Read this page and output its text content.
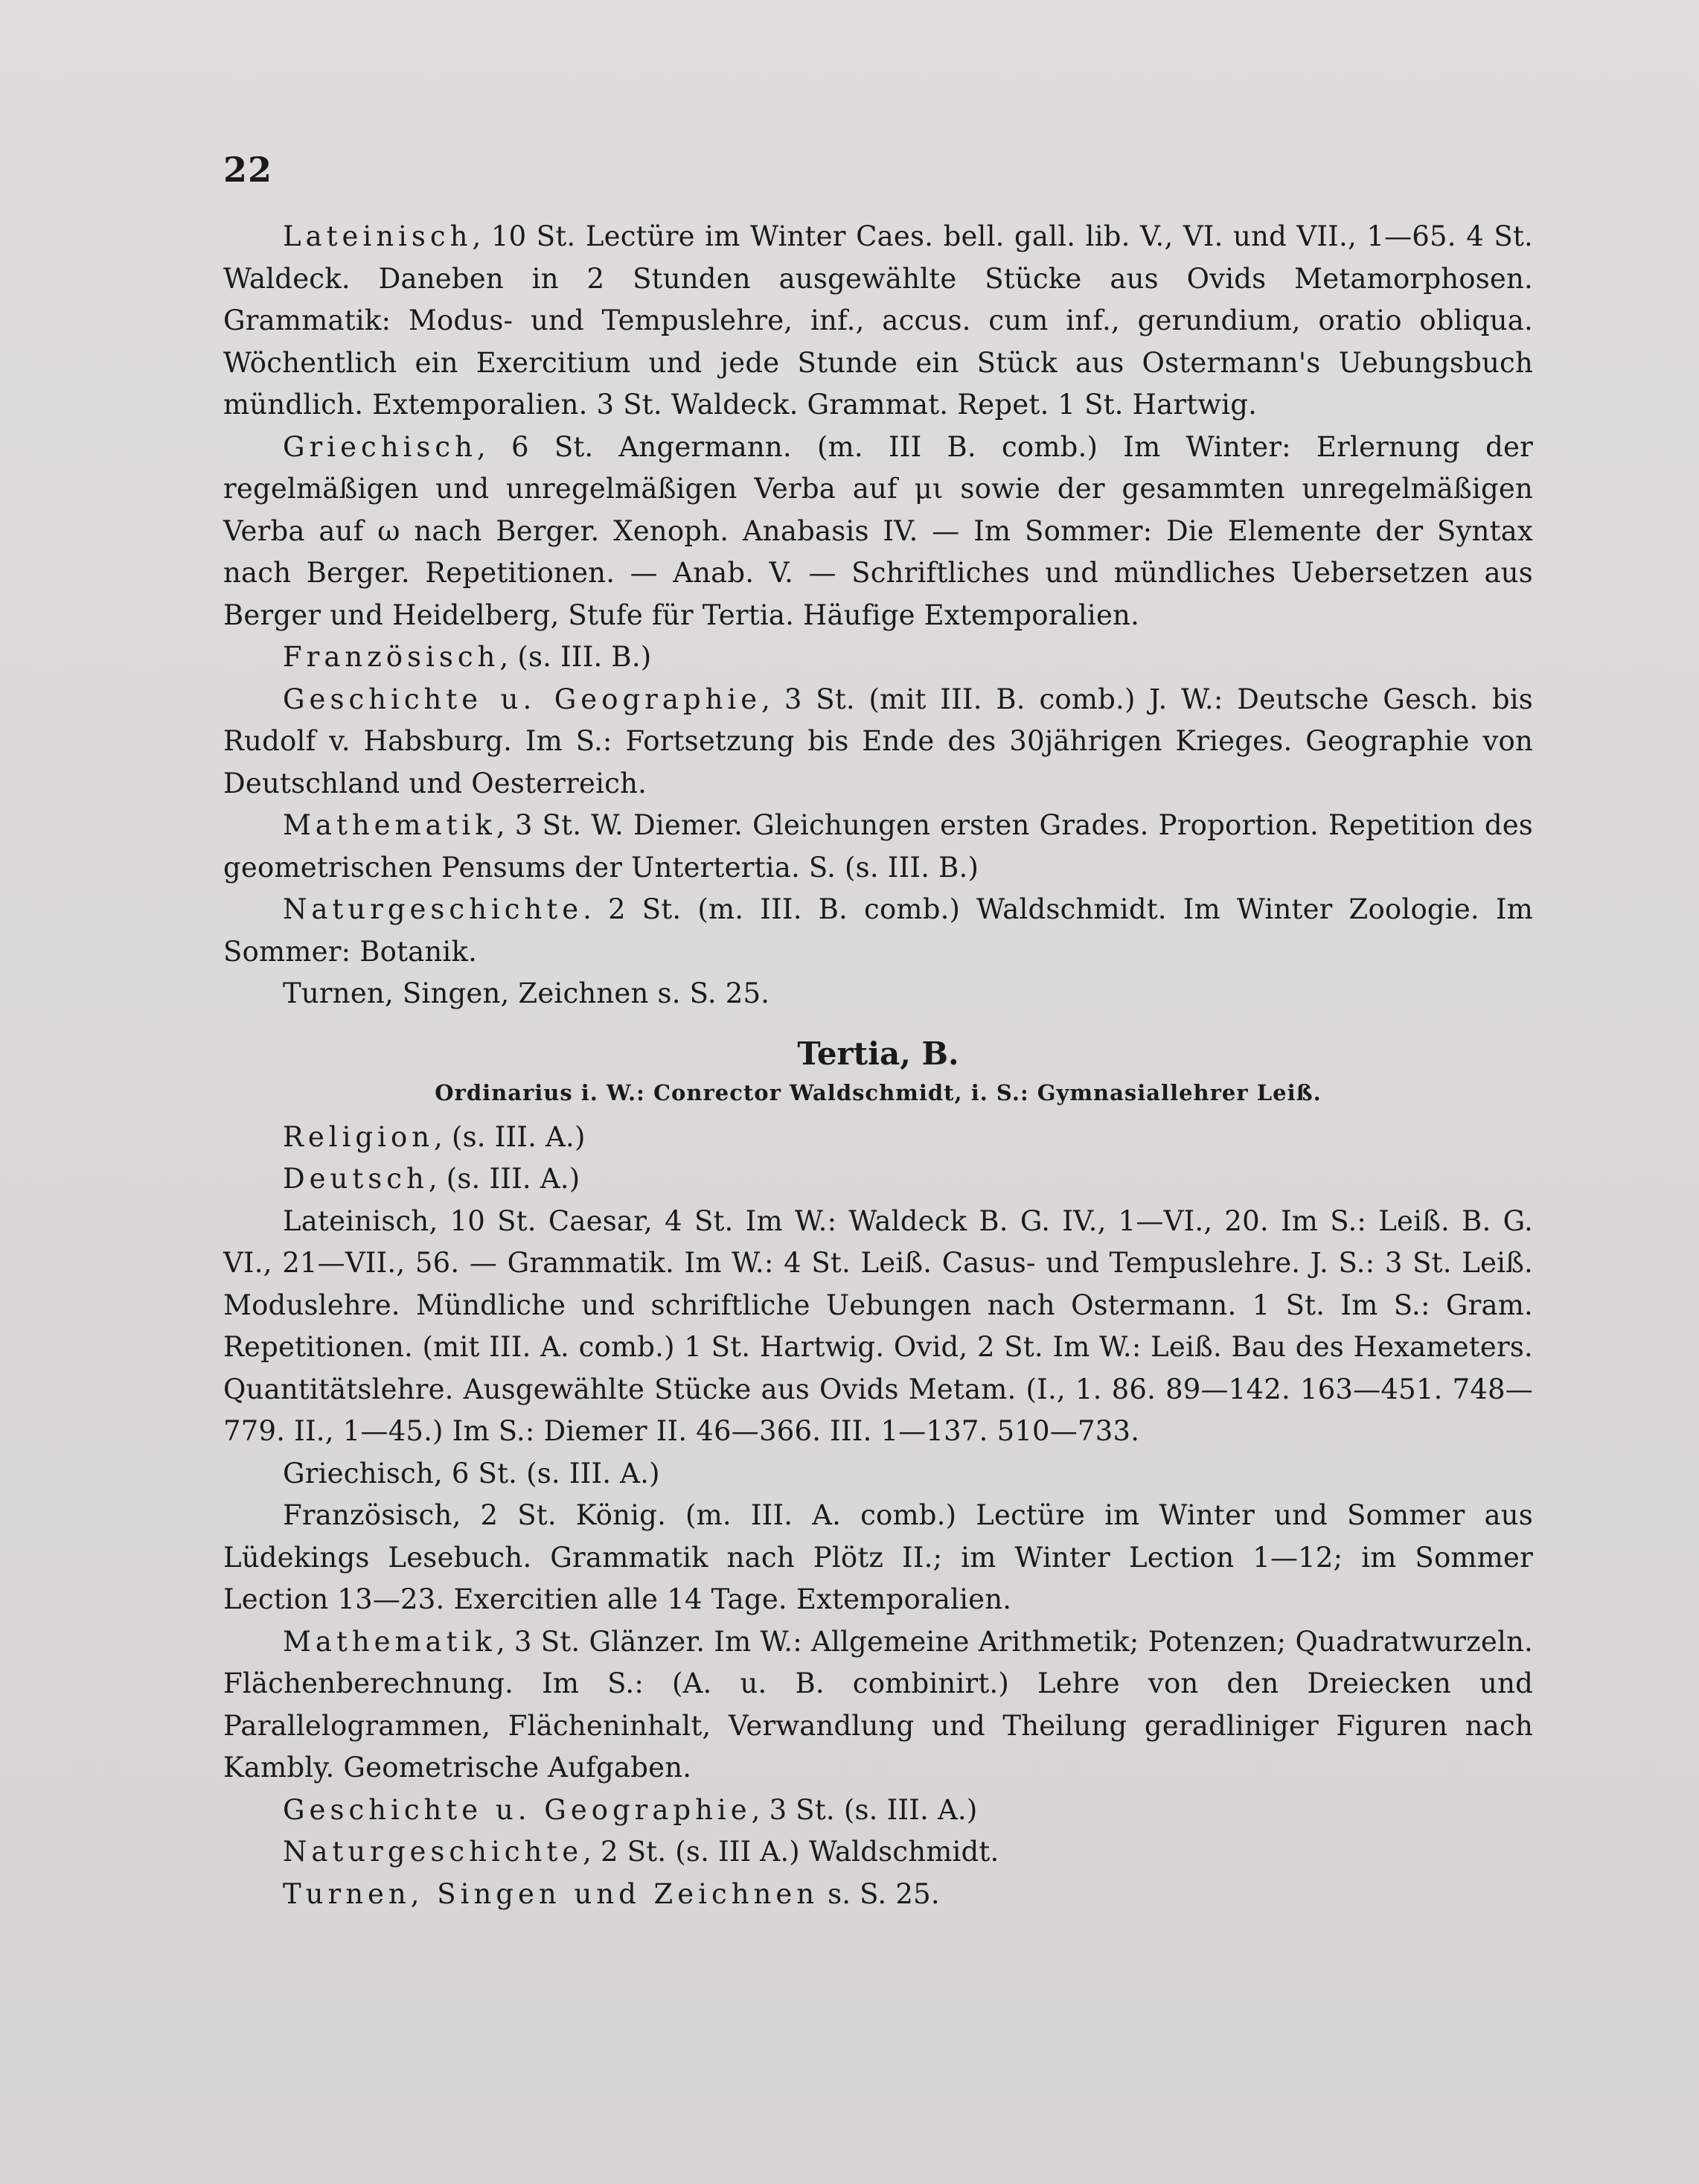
22

Lateinisch, 10 St. Lectüre im Winter Caes. bell. gall. lib. V., VI. und VII., 1—65. 4 St. Waldeck. Daneben in 2 Stunden ausgewählte Stücke aus Ovids Metamorphosen. Grammatik: Modus- und Tempuslehre, inf., accus. cum inf., gerundium, oratio obliqua. Wöchentlich ein Exercitium und jede Stunde ein Stück aus Ostermann's Uebungsbuch mündlich. Extemporalien. 3 St. Waldeck. Grammat. Repet. 1 St. Hartwig.

Griechisch, 6 St. Angermann. (m. III B. comb.) Im Winter: Erlernung der regelmäßigen und unregelmäßigen Verba auf μι sowie der gesammten unregelmäßigen Verba auf ω nach Berger. Xenoph. Anabasis IV. — Im Sommer: Die Elemente der Syntax nach Berger. Repetitionen. — Anab. V. — Schriftliches und mündliches Uebersetzen aus Berger und Heidelberg, Stufe für Tertia. Häufige Extemporalien.

Französisch, (s. III. B.)

Geschichte u. Geographie, 3 St. (mit III. B. comb.) J. W.: Deutsche Gesch. bis Rudolf v. Habsburg. Im S.: Fortsetzung bis Ende des 30jährigen Krieges. Geographie von Deutschland und Oesterreich.

Mathematik, 3 St. W. Diemer. Gleichungen ersten Grades. Proportion. Repetition des geometrischen Pensums der Untertertia. S. (s. III. B.)

Naturgeschichte. 2 St. (m. III. B. comb.) Waldschmidt. Im Winter Zoologie. Im Sommer: Botanik.

Turnen, Singen, Zeichnen s. S. 25.

Tertia, B.
Ordinarius i. W.: Conrector Waldschmidt, i. S.: Gymnasiallehrer Leiß.

Religion, (s. III. A.)

Deutsch, (s. III. A.)

Lateinisch, 10 St. Caesar, 4 St. Im W.: Waldeck B. G. IV., 1—VI., 20. Im S.: Leiß. B. G. VI., 21—VII., 56. — Grammatik. Im W.: 4 St. Leiß. Casus- und Tempuslehre. J. S.: 3 St. Leiß. Moduslehre. Mündliche und schriftliche Uebungen nach Ostermann. 1 St. Im S.: Gram. Repetitionen. (mit III. A. comb.) 1 St. Hartwig. Ovid, 2 St. Im W.: Leiß. Bau des Hexameters. Quantitätslehre. Ausgewählte Stücke aus Ovids Metam. (I., 1. 86. 89—142. 163—451. 748—779. II., 1—45.) Im S.: Diemer II. 46—366. III. 1—137. 510—733.

Griechisch, 6 St. (s. III. A.)

Französisch, 2 St. König. (m. III. A. comb.) Lectüre im Winter und Sommer aus Lüdekings Lesebuch. Grammatik nach Plötz II.; im Winter Lection 1—12; im Sommer Lection 13—23. Exercitien alle 14 Tage. Extemporalien.

Mathematik, 3 St. Glänzer. Im W.: Allgemeine Arithmetik; Potenzen; Quadratwurzeln. Flächenberechnung. Im S.: (A. u. B. combinirt.) Lehre von den Dreiecken und Parallelogrammen, Flächeninhalt, Verwandlung und Theilung geradliniger Figuren nach Kambly. Geometrische Aufgaben.

Geschichte u. Geographie, 3 St. (s. III. A.)

Naturgeschichte, 2 St. (s. III A.) Waldschmidt.

Turnen, Singen und Zeichnen s. S. 25.
